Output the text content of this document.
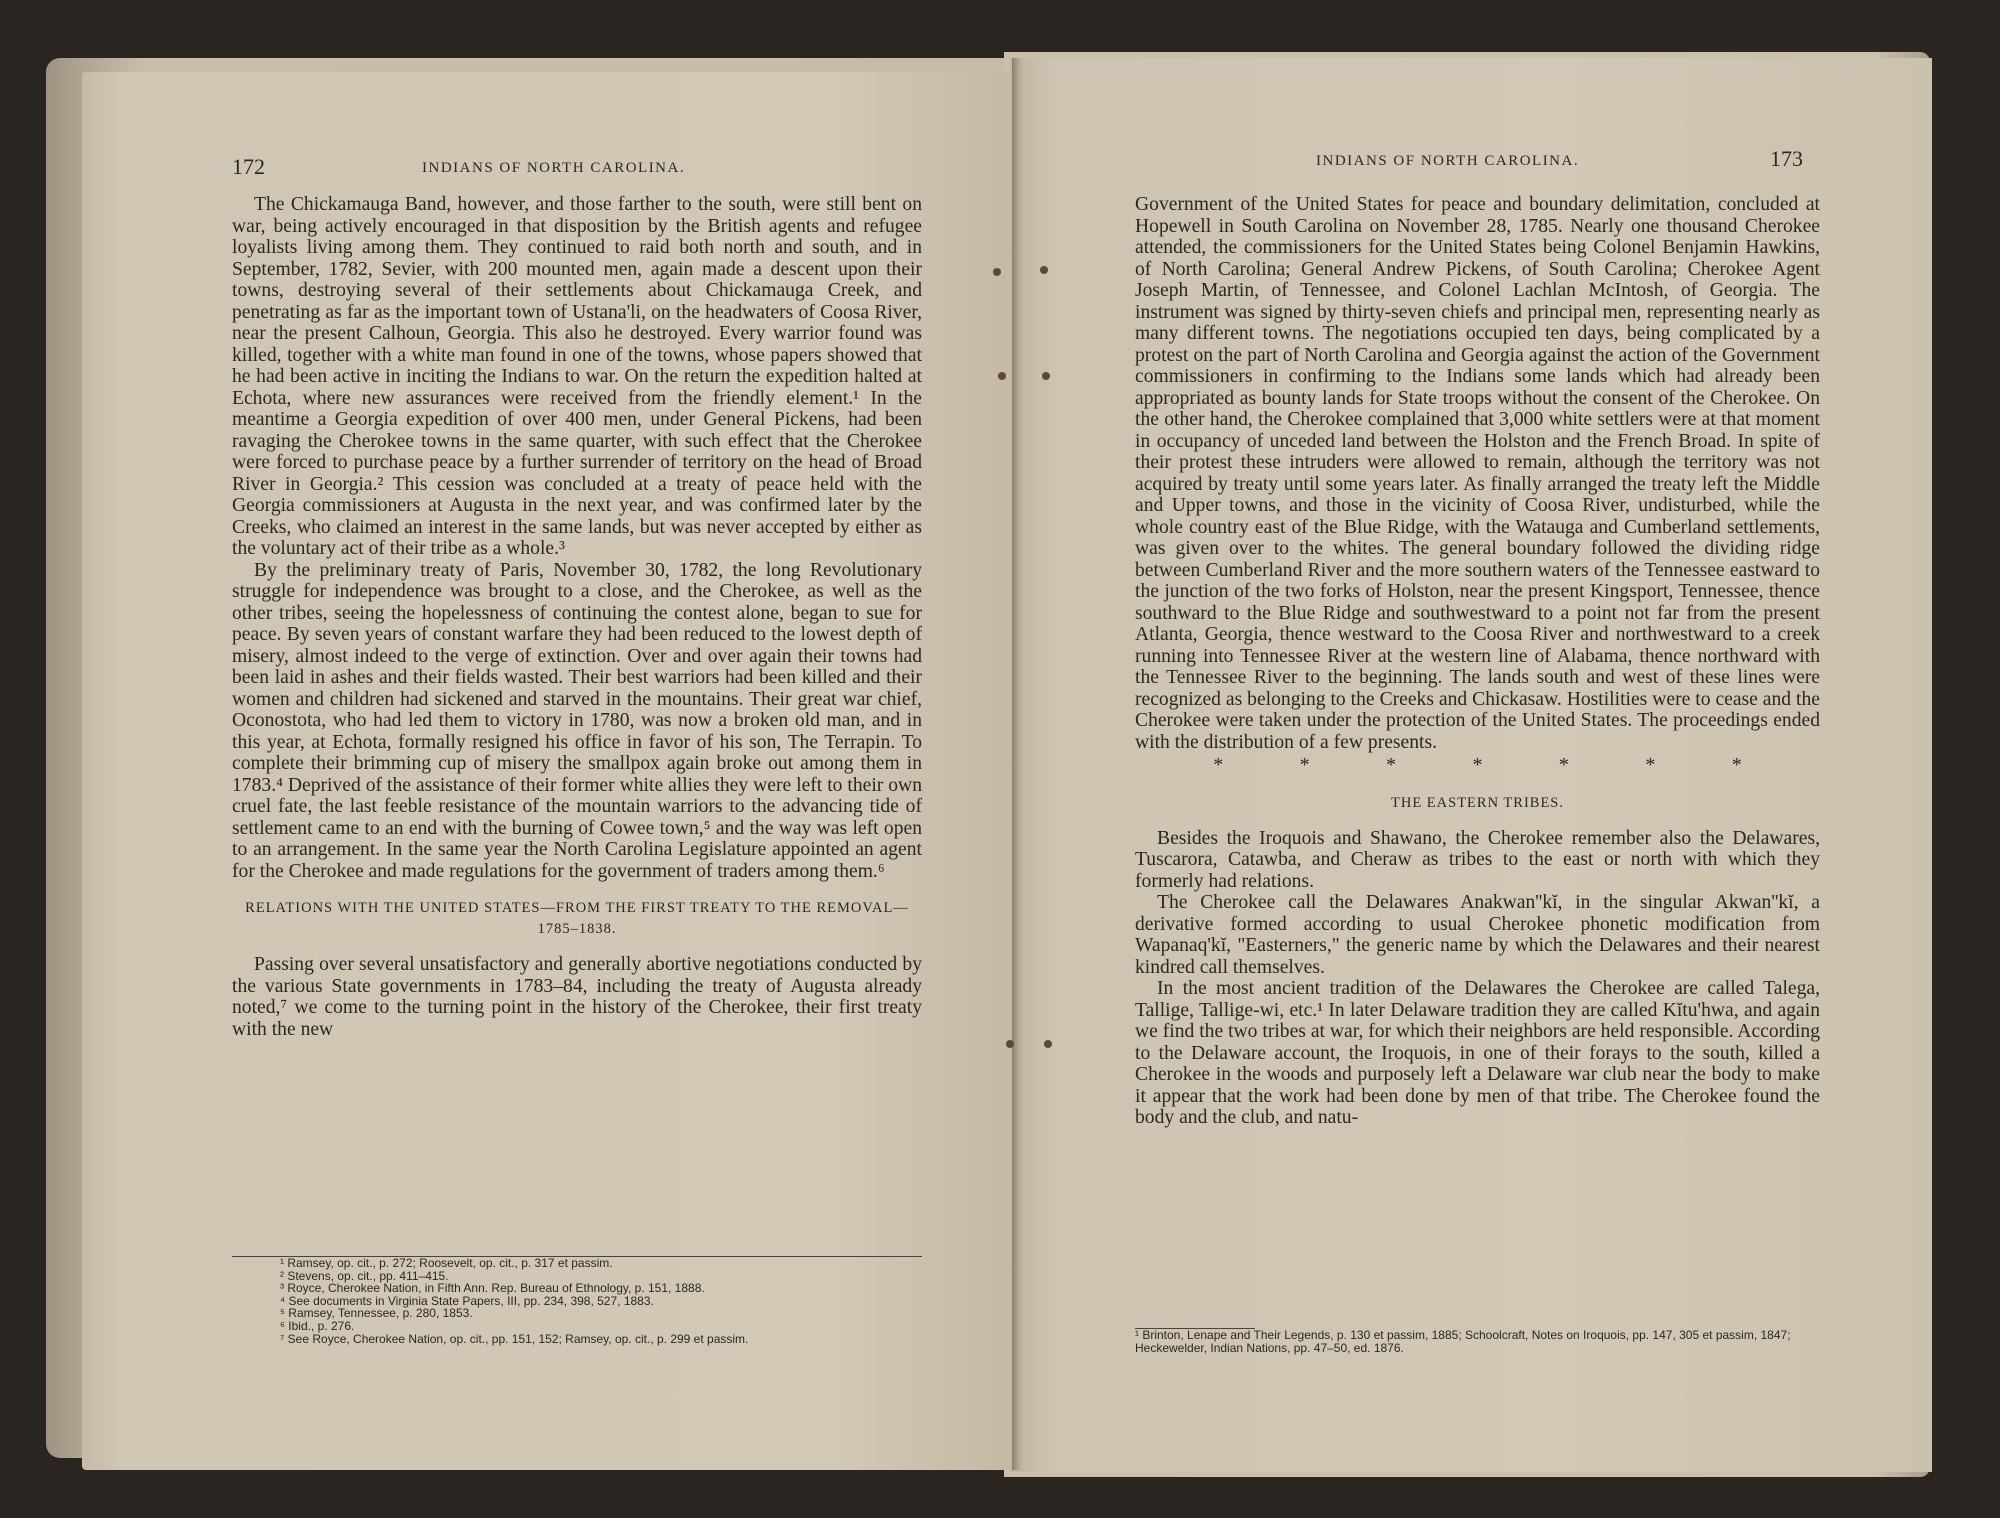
172	INDIANS OF NORTH CAROLINA.

The Chickamauga Band, however, and those farther to the south, were still bent on war, being actively encouraged in that disposition by the British agents and refugee loyalists living among them. They continued to raid both north and south, and in September, 1782, Sevier, with 200 mounted men, again made a descent upon their towns, destroying several of their settlements about Chickamauga Creek, and penetrating as far as the important town of Ustana'li, on the headwaters of Coosa River, near the present Calhoun, Georgia. This also he destroyed. Every warrior found was killed, together with a white man found in one of the towns, whose papers showed that he had been active in inciting the Indians to war. On the return the expedition halted at Echota, where new assurances were received from the friendly element.¹ In the meantime a Georgia expedition of over 400 men, under General Pickens, had been ravaging the Cherokee towns in the same quarter, with such effect that the Cherokee were forced to purchase peace by a further surrender of territory on the head of Broad River in Georgia.² This cession was concluded at a treaty of peace held with the Georgia commissioners at Augusta in the next year, and was confirmed later by the Creeks, who claimed an interest in the same lands, but was never accepted by either as the voluntary act of their tribe as a whole.³

By the preliminary treaty of Paris, November 30, 1782, the long Revolutionary struggle for independence was brought to a close, and the Cherokee, as well as the other tribes, seeing the hopelessness of continuing the contest alone, began to sue for peace. By seven years of constant warfare they had been reduced to the lowest depth of misery, almost indeed to the verge of extinction. Over and over again their towns had been laid in ashes and their fields wasted. Their best warriors had been killed and their women and children had sickened and starved in the mountains. Their great war chief, Oconostota, who had led them to victory in 1780, was now a broken old man, and in this year, at Echota, formally resigned his office in favor of his son, The Terrapin. To complete their brimming cup of misery the smallpox again broke out among them in 1783.⁴ Deprived of the assistance of their former white allies they were left to their own cruel fate, the last feeble resistance of the mountain warriors to the advancing tide of settlement came to an end with the burning of Cowee town,⁵ and the way was left open to an arrangement. In the same year the North Carolina Legislature appointed an agent for the Cherokee and made regulations for the government of traders among them.⁶

RELATIONS WITH THE UNITED STATES—FROM THE FIRST TREATY TO THE REMOVAL—1785–1838.

Passing over several unsatisfactory and generally abortive negotiations conducted by the various State governments in 1783–84, including the treaty of Augusta already noted,⁷ we come to the turning point in the history of the Cherokee, their first treaty with the new

¹ Ramsey, op. cit., p. 272; Roosevelt, op. cit., p. 317 et passim.
² Stevens, op. cit., pp. 411–415.
³ Royce, Cherokee Nation, in Fifth Ann. Rep. Bureau of Ethnology, p. 151, 1888.
⁴ See documents in Virginia State Papers, III, pp. 234, 398, 527, 1883.
⁵ Ramsey, Tennessee, p. 280, 1853.
⁶ Ibid., p. 276.
⁷ See Royce, Cherokee Nation, op. cit., pp. 151, 152; Ramsey, op. cit., p. 299 et passim.
INDIANS OF NORTH CAROLINA.	173

Government of the United States for peace and boundary delimitation, concluded at Hopewell in South Carolina on November 28, 1785. Nearly one thousand Cherokee attended, the commissioners for the United States being Colonel Benjamin Hawkins, of North Carolina; General Andrew Pickens, of South Carolina; Cherokee Agent Joseph Martin, of Tennessee, and Colonel Lachlan McIntosh, of Georgia. The instrument was signed by thirty-seven chiefs and principal men, representing nearly as many different towns. The negotiations occupied ten days, being complicated by a protest on the part of North Carolina and Georgia against the action of the Government commissioners in confirming to the Indians some lands which had already been appropriated as bounty lands for State troops without the consent of the Cherokee. On the other hand, the Cherokee complained that 3,000 white settlers were at that moment in occupancy of unceded land between the Holston and the French Broad. In spite of their protest these intruders were allowed to remain, although the territory was not acquired by treaty until some years later. As finally arranged the treaty left the Middle and Upper towns, and those in the vicinity of Coosa River, undisturbed, while the whole country east of the Blue Ridge, with the Watauga and Cumberland settlements, was given over to the whites. The general boundary followed the dividing ridge between Cumberland River and the more southern waters of the Tennessee eastward to the junction of the two forks of Holston, near the present Kingsport, Tennessee, thence southward to the Blue Ridge and southwestward to a point not far from the present Atlanta, Georgia, thence westward to the Coosa River and northwestward to a creek running into Tennessee River at the western line of Alabama, thence northward with the Tennessee River to the beginning. The lands south and west of these lines were recognized as belonging to the Creeks and Chickasaw. Hostilities were to cease and the Cherokee were taken under the protection of the United States. The proceedings ended with the distribution of a few presents.

*	*	*	*	*	*	*
THE EASTERN TRIBES.

Besides the Iroquois and Shawano, the Cherokee remember also the Delawares, Tuscarora, Catawba, and Cheraw as tribes to the east or north with which they formerly had relations.

The Cherokee call the Delawares Anakwan''kĭ, in the singular Akwan''kĭ, a derivative formed according to usual Cherokee phonetic modification from Wapanaq'kĭ, "Easterners," the generic name by which the Delawares and their nearest kindred call themselves.

In the most ancient tradition of the Delawares the Cherokee are called Talega, Tallige, Tallige-wi, etc.¹ In later Delaware tradition they are called Kĭtu'hwa, and again we find the two tribes at war, for which their neighbors are held responsible. According to the Delaware account, the Iroquois, in one of their forays to the south, killed a Cherokee in the woods and purposely left a Delaware war club near the body to make it appear that the work had been done by men of that tribe. The Cherokee found the body and the club, and natu-

¹ Brinton, Lenape and Their Legends, p. 130 et passim, 1885; Schoolcraft, Notes on Iroquois, pp. 147, 305 et passim, 1847; Heckewelder, Indian Nations, pp. 47–50, ed. 1876.
